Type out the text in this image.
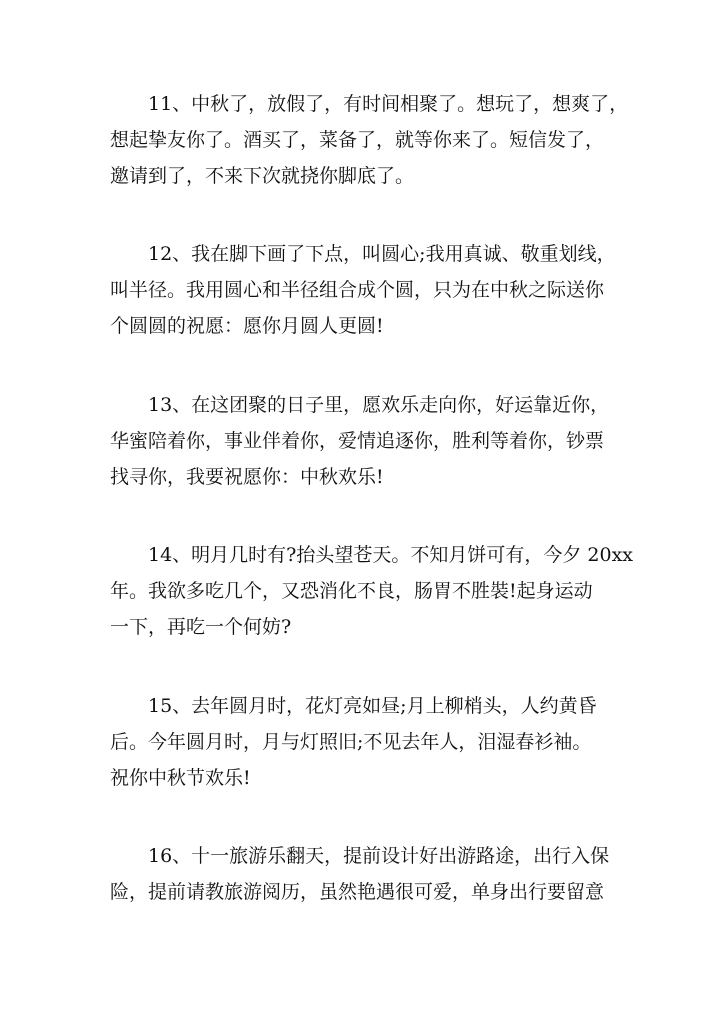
11、中秋了，放假了，有时间相聚了。想玩了，想爽了，
想起挚友你了。酒买了，菜备了，就等你来了。短信发了，
邀请到了，不来下次就挠你脚底了。
12、我在脚下画了下点，叫圆心;我用真诚、敬重划线，
叫半径。我用圆心和半径组合成个圆，只为在中秋之际送你
个圆圆的祝愿：愿你月圆人更圆!
13、在这团聚的日子里，愿欢乐走向你，好运靠近你，
华蜜陪着你，事业伴着你，爱情追逐你，胜利等着你，钞票
找寻你，我要祝愿你：中秋欢乐!
14、明月几时有?抬头望苍天。不知月饼可有，今夕 20xx
年。我欲多吃几个，又恐消化不良，肠胃不胜裝!起身运动
一下，再吃一个何妨?
15、去年圆月时，花灯亮如昼;月上柳梢头，人约黄昏
后。今年圆月时，月与灯照旧;不见去年人，泪湿春衫袖。
祝你中秋节欢乐!
16、十一旅游乐翻天，提前设计好出游路途，出行入保
险，提前请教旅游阅历，虽然艳遇很可爱，单身出行要留意
